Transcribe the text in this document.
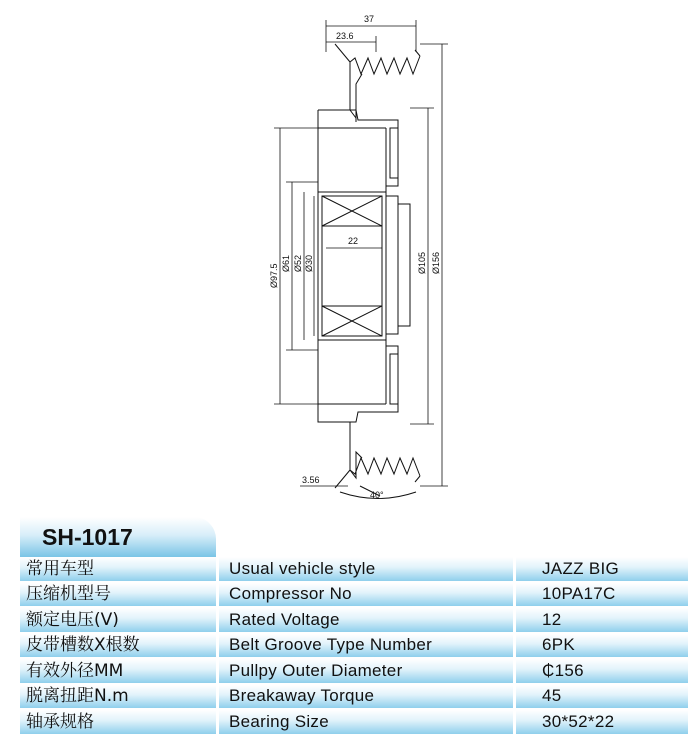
37
23.6
22
3.56
40°
Ø97.5 Ø61 Ø52 Ø30	Ø105 Ø156
SH-1017
常用车型	Usual vehicle style	JAZZ BIG
压缩机型号	Compressor No	10PA17C
额定电压(V)	Rated Voltage	12
皮带槽数X根数	Belt Groove Type Number	6PK
有效外径MM	Pullpy Outer Diameter	₵156
脱离扭距N.m	Breakaway Torque	45
轴承规格	Bearing Size	30*52*22
